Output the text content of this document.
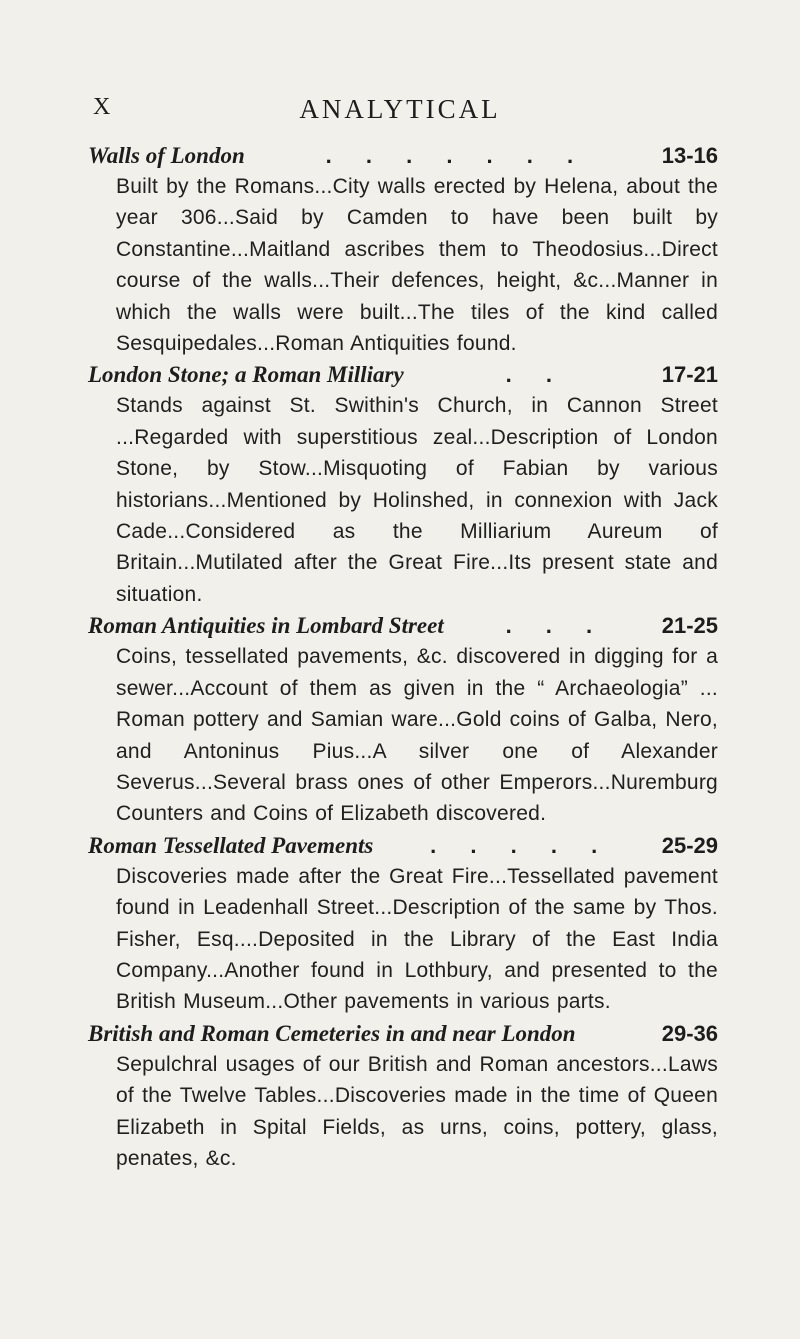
X	ANALYTICAL
Walls of London	. . . . . . .	13-16

Built by the Romans...City walls erected by Helena, about the year 306...Said by Camden to have been built by Constantine...Maitland ascribes them to Theodosius...Direct course of the walls...Their defences, height, &c...Manner in which the walls were built...The tiles of the kind called Sesquipedales...Roman Antiquities found.

London Stone; a Roman Milliary	. .	17-21

Stands against St. Swithin's Church, in Cannon Street ...Regarded with superstitious zeal...Description of London Stone, by Stow...Misquoting of Fabian by various historians...Mentioned by Holinshed, in connexion with Jack Cade...Considered as the Milliarium Aureum of Britain...Mutilated after the Great Fire...Its present state and situation.

Roman Antiquities in Lombard Street	. . .	21-25

Coins, tessellated pavements, &c. discovered in digging for a sewer...Account of them as given in the “ Archaeologia” ... Roman pottery and Samian ware...Gold coins of Galba, Nero, and Antoninus Pius...A silver one of Alexander Severus...Several brass ones of other Emperors...Nuremburg Counters and Coins of Elizabeth discovered.

Roman Tessellated Pavements	. . . . .	25-29

Discoveries made after the Great Fire...Tessellated pavement found in Leadenhall Street...Description of the same by Thos. Fisher, Esq....Deposited in the Library of the East India Company...Another found in Lothbury, and presented to the British Museum...Other pavements in various parts.

British and Roman Cemeteries in and near London	29-36

Sepulchral usages of our British and Roman ancestors...Laws of the Twelve Tables...Discoveries made in the time of Queen Elizabeth in Spital Fields, as urns, coins, pottery, glass, penates, &c.
